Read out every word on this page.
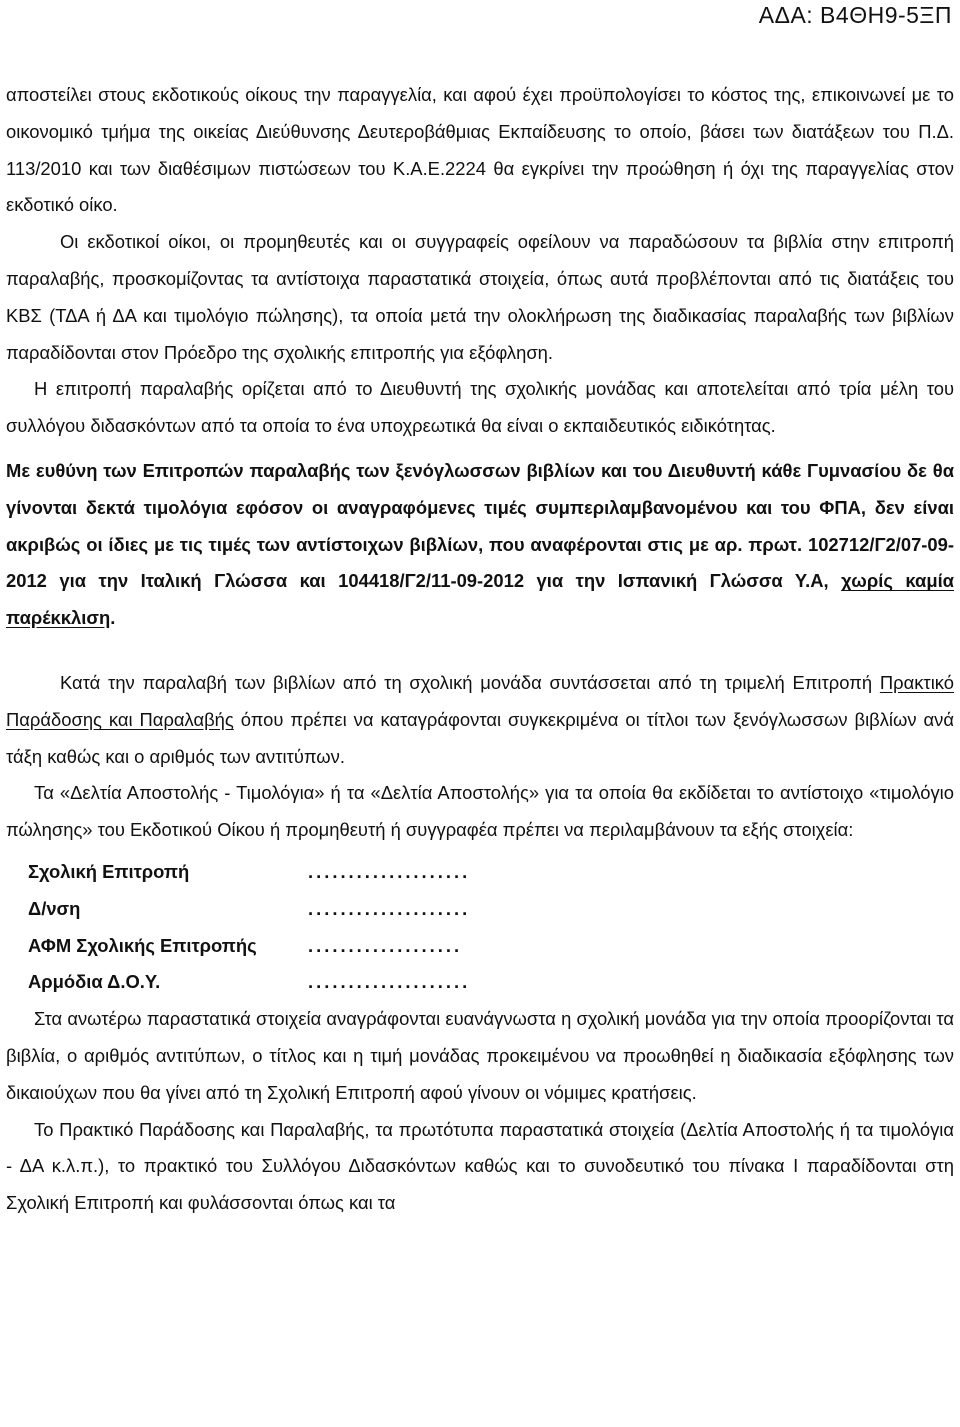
ΑΔΑ: Β4ΘΗ9-5ΞΠ

αποστείλει στους εκδοτικούς οίκους την παραγγελία, και αφού έχει προϋπολογίσει το κόστος της, επικοινωνεί με το οικονομικό τμήμα της οικείας Διεύθυνσης Δευτεροβάθμιας Εκπαίδευσης το οποίο, βάσει των διατάξεων του Π.Δ. 113/2010 και των διαθέσιμων πιστώσεων του Κ.Α.Ε.2224 θα εγκρίνει την προώθηση ή όχι της παραγγελίας στον εκδοτικό οίκο.

Οι εκδοτικοί οίκοι, οι προμηθευτές και οι συγγραφείς οφείλουν να παραδώσουν τα βιβλία στην επιτροπή παραλαβής, προσκομίζοντας τα αντίστοιχα παραστατικά στοιχεία, όπως αυτά προβλέπονται από τις διατάξεις του ΚΒΣ (ΤΔΑ ή ΔΑ και τιμολόγιο πώλησης), τα οποία μετά την ολοκλήρωση της διαδικασίας παραλαβής των βιβλίων παραδίδονται στον Πρόεδρο της σχολικής επιτροπής για εξόφληση.

Η επιτροπή παραλαβής ορίζεται από το Διευθυντή της σχολικής μονάδας και αποτελείται από τρία μέλη του συλλόγου διδασκόντων από τα οποία το ένα υποχρεωτικά θα είναι ο εκπαιδευτικός ειδικότητας.

Με ευθύνη των Επιτροπών παραλαβής των ξενόγλωσσων βιβλίων και του Διευθυντή κάθε Γυμνασίου δε θα γίνονται δεκτά τιμολόγια εφόσον οι αναγραφόμενες τιμές συμπεριλαμβανομένου και του ΦΠΑ, δεν είναι ακριβώς οι ίδιες με τις τιμές των αντίστοιχων βιβλίων, που αναφέρονται στις με αρ. πρωτ. 102712/Γ2/07-09-2012 για την Ιταλική Γλώσσα και 104418/Γ2/11-09-2012 για την Ισπανική Γλώσσα Υ.Α, χωρίς καμία παρέκκλιση.

Κατά την παραλαβή των βιβλίων από τη σχολική μονάδα συντάσσεται από τη τριμελή Επιτροπή Πρακτικό Παράδοσης και Παραλαβής όπου πρέπει να καταγράφονται συγκεκριμένα οι τίτλοι των ξενόγλωσσων βιβλίων ανά τάξη καθώς και ο αριθμός των αντιτύπων.

Τα «Δελτία Αποστολής - Τιμολόγια» ή τα «Δελτία Αποστολής» για τα οποία θα εκδίδεται το αντίστοιχο «τιμολόγιο πώλησης» του Εκδοτικού Οίκου ή προμηθευτή ή συγγραφέα πρέπει να περιλαμβάνουν τα εξής στοιχεία:

Σχολική Επιτροπή	....................
Δ/νση	....................
ΑΦΜ Σχολικής Επιτροπής	...................
Αρμόδια Δ.Ο.Υ.	....................

Στα ανωτέρω παραστατικά στοιχεία αναγράφονται ευανάγνωστα η σχολική μονάδα για την οποία προορίζονται τα βιβλία, ο αριθμός αντιτύπων, ο τίτλος και η τιμή μονάδας προκειμένου να προωθηθεί η διαδικασία εξόφλησης των δικαιούχων που θα γίνει από τη Σχολική Επιτροπή αφού γίνουν οι νόμιμες κρατήσεις.

Το Πρακτικό Παράδοσης και Παραλαβής, τα πρωτότυπα παραστατικά στοιχεία (Δελτία Αποστολής ή τα τιμολόγια - ΔΑ κ.λ.π.), το πρακτικό του Συλλόγου Διδασκόντων καθώς και το συνοδευτικό του πίνακα Ι παραδίδονται στη Σχολική Επιτροπή και φυλάσσονται όπως και τα
